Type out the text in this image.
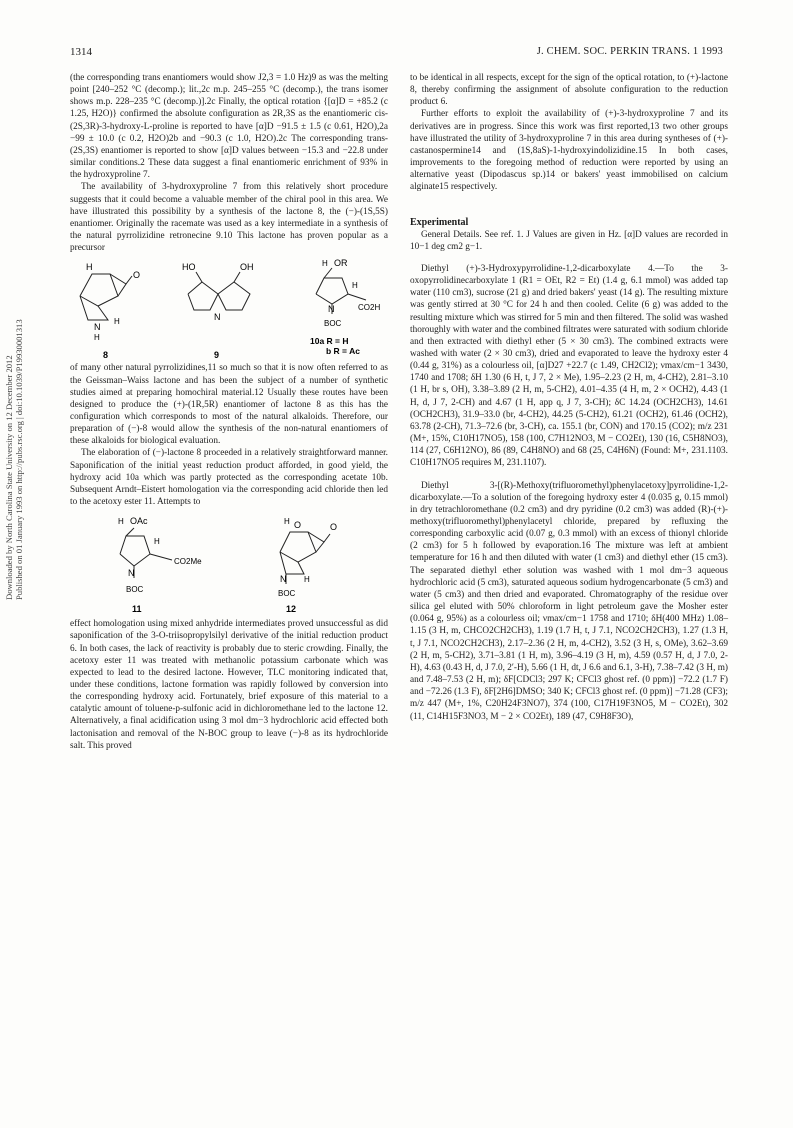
1314	J. CHEM. SOC. PERKIN TRANS. 1 1993
Downloaded by North Carolina State University on 12 December 2012 Published on 01 January 1993 on http://pubs.rsc.org | doi:10.1039/P19930001313

(the corresponding trans enantiomers would show J2,3 = 1.0 Hz)9 as was the melting point [240–252 °C (decomp.); lit.,2c m.p. 245–255 °C (decomp.), the trans isomer shows m.p. 228–235 °C (decomp.)].2c Finally, the optical rotation {[α]D = +85.2 (c 1.25, H2O)} confirmed the absolute configuration as 2R,3S as the enantiomeric cis-(2S,3R)-3-hydroxy-L-proline is reported to have [α]D −91.5 ± 1.5 (c 0.61, H2O),2a −99 ± 10.0 (c 0.2, H2O)2b and −90.3 (c 1.0, H2O).2c The corresponding trans-(2S,3S) enantiomer is reported to show [α]D values between −15.3 and −22.8 under similar conditions.2 These data suggest a final enantiomeric enrichment of 93% in the hydroxyproline 7.

The availability of 3-hydroxyproline 7 from this relatively short procedure suggests that it could become a valuable member of the chiral pool in this area. We have illustrated this possibility by a synthesis of the lactone 8, the (−)-(1S,5S) enantiomer. Originally the racemate was used as a key intermediate in a synthesis of the natural pyrrolizidine retronecine 9.10 This lactone has proven popular as a precursor

H
O
N
H
H
8
HO	OH
N
9
H OR
H
N	CO2H
BOC
10a R = H
b R = Ac

of many other natural pyrrolizidines,11 so much so that it is now often referred to as the Geissman–Waiss lactone and has been the subject of a number of synthetic studies aimed at preparing homochiral material.12 Usually these routes have been designed to produce the (+)-(1R,5R) enantiomer of lactone 8 as this has the configuration which corresponds to most of the natural alkaloids. Therefore, our preparation of (−)-8 would allow the synthesis of the non-natural enantiomers of these alkaloids for biological evaluation.

The elaboration of (−)-lactone 8 proceeded in a relatively straightforward manner. Saponification of the initial yeast reduction product afforded, in good yield, the hydroxy acid 10a which was partly protected as the corresponding acetate 10b. Subsequent Arndt–Eistert homologation via the corresponding acid chloride then led to the acetoxy ester 11. Attempts to

H OAc
H
N
CO2Me
BOC
11
H
O
O
N H
BOC
12

effect homologation using mixed anhydride intermediates proved unsuccessful as did saponification of the 3-O-triisopropylsilyl derivative of the initial reduction product 6. In both cases, the lack of reactivity is probably due to steric crowding. Finally, the acetoxy ester 11 was treated with methanolic potassium carbonate which was expected to lead to the desired lactone. However, TLC monitoring indicated that, under these conditions, lactone formation was rapidly followed by conversion into the corresponding hydroxy acid. Fortunately, brief exposure of this material to a catalytic amount of toluene-p-sulfonic acid in dichloromethane led to the lactone 12. Alternatively, a final acidification using 3 mol dm−3 hydrochloric acid effected both lactonisation and removal of the N-BOC group to leave (−)-8 as its hydrochloride salt. This proved

to be identical in all respects, except for the sign of the optical rotation, to (+)-lactone 8, thereby confirming the assignment of absolute configuration to the reduction product 6.

Further efforts to exploit the availability of (+)-3-hydroxyproline 7 and its derivatives are in progress. Since this work was first reported,13 two other groups have illustrated the utility of 3-hydroxyproline 7 in this area during syntheses of (+)-castanospermine14 and (1S,8aS)-1-hydroxyindolizidine.15 In both cases, improvements to the foregoing method of reduction were reported by using an alternative yeast (Dipodascus sp.)14 or bakers' yeast immobilised on calcium alginate15 respectively.

Experimental

General Details. See ref. 1. J Values are given in Hz. [α]D values are recorded in 10−1 deg cm2 g−1.

Diethyl (+)-3-Hydroxypyrrolidine-1,2-dicarboxylate 4.—To the 3-oxopyrrolidinecarboxylate 1 (R1 = OEt, R2 = Et) (1.4 g, 6.1 mmol) was added tap water (110 cm3), sucrose (21 g) and dried bakers' yeast (14 g). The resulting mixture was gently stirred at 30 °C for 24 h and then cooled. Celite (6 g) was added to the resulting mixture which was stirred for 5 min and then filtered. The solid was washed thoroughly with water and the combined filtrates were saturated with sodium chloride and then extracted with diethyl ether (5 × 30 cm3). The combined extracts were washed with water (2 × 30 cm3), dried and evaporated to leave the hydroxy ester 4 (0.44 g, 31%) as a colourless oil, [α]D27 +22.7 (c 1.49, CH2Cl2); νmax/cm−1 3430, 1740 and 1708; δH 1.30 (6 H, t, J 7, 2 × Me), 1.95–2.23 (2 H, m, 4-CH2), 2.81–3.10 (1 H, br s, OH), 3.38–3.89 (2 H, m, 5-CH2), 4.01–4.35 (4 H, m, 2 × OCH2), 4.43 (1 H, d, J 7, 2-CH) and 4.67 (1 H, app q, J 7, 3-CH); δC 14.24 (OCH2CH3), 14.61 (OCH2CH3), 31.9–33.0 (br, 4-CH2), 44.25 (5-CH2), 61.21 (OCH2), 61.46 (OCH2), 63.78 (2-CH), 71.3–72.6 (br, 3-CH), ca. 155.1 (br, CON) and 170.15 (CO2); m/z 231 (M+, 15%, C10H17NO5), 158 (100, C7H12NO3, M − CO2Et), 130 (16, C5H8NO3), 114 (27, C6H12NO), 86 (89, C4H8NO) and 68 (25, C4H6N) (Found: M+, 231.1103. C10H17NO5 requires M, 231.1107).

Diethyl 3-[(R)-Methoxy(trifluoromethyl)phenylacetoxy]pyrrolidine-1,2-dicarboxylate.—To a solution of the foregoing hydroxy ester 4 (0.035 g, 0.15 mmol) in dry tetrachloromethane (0.2 cm3) and dry pyridine (0.2 cm3) was added (R)-(+)-methoxy(trifluoromethyl)phenylacetyl chloride, prepared by refluxing the corresponding carboxylic acid (0.07 g, 0.3 mmol) with an excess of thionyl chloride (2 cm3) for 5 h followed by evaporation.16 The mixture was left at ambient temperature for 16 h and then diluted with water (1 cm3) and diethyl ether (15 cm3). The separated diethyl ether solution was washed with 1 mol dm−3 aqueous hydrochloric acid (5 cm3), saturated aqueous sodium hydrogencarbonate (5 cm3) and water (5 cm3) and then dried and evaporated. Chromatography of the residue over silica gel eluted with 50% chloroform in light petroleum gave the Mosher ester (0.064 g, 95%) as a colourless oil; νmax/cm−1 1758 and 1710; δH(400 MHz) 1.08–1.15 (3 H, m, CHCO2CH2CH3), 1.19 (1.7 H, t, J 7.1, NCO2CH2CH3), 1.27 (1.3 H, t, J 7.1, NCO2CH2CH3), 2.17–2.36 (2 H, m, 4-CH2), 3.52 (3 H, s, OMe), 3.62–3.69 (2 H, m, 5-CH2), 3.71–3.81 (1 H, m), 3.96–4.19 (3 H, m), 4.59 (0.57 H, d, J 7.0, 2-H), 4.63 (0.43 H, d, J 7.0, 2′-H), 5.66 (1 H, dt, J 6.6 and 6.1, 3-H), 7.38–7.42 (3 H, m) and 7.48–7.53 (2 H, m); δF[CDCl3; 297 K; CFCl3 ghost ref. (0 ppm)] −72.2 (1.7 F) and −72.26 (1.3 F), δF[2H6]DMSO; 340 K; CFCl3 ghost ref. (0 ppm)] −71.28 (CF3); m/z 447 (M+, 1%, C20H24F3NO7), 374 (100, C17H19F3NO5, M − CO2Et), 302 (11, C14H15F3NO3, M − 2 × CO2Et), 189 (47, C9H8F3O),
